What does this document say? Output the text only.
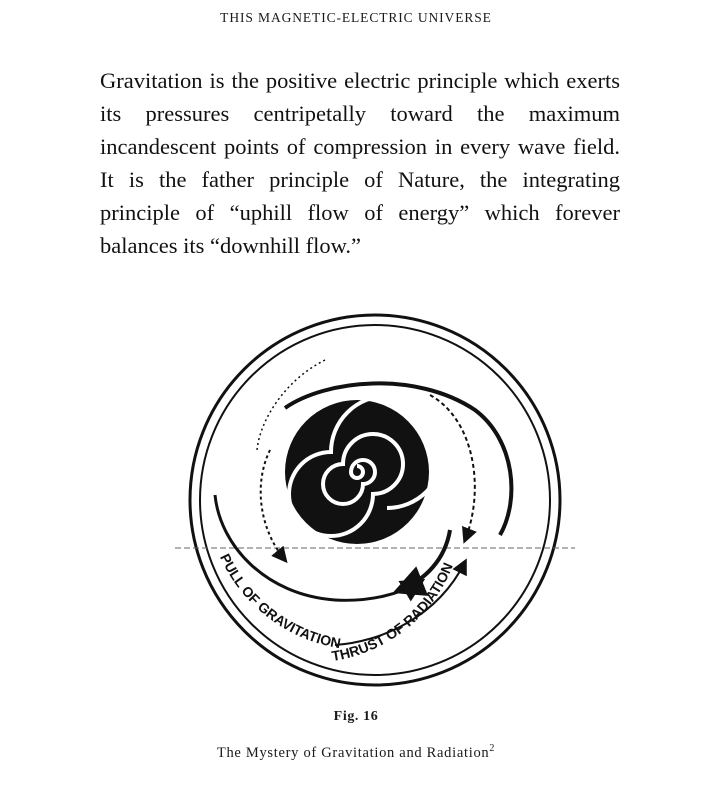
THIS MAGNETIC-ELECTRIC UNIVERSE

Gravitation is the positive electric principle which exerts its pressures centripetally toward the maximum incandescent points of compression in every wave field. It is the father principle of Nature, the integrating principle of “uphill flow of energy” which forever balances its “downhill flow.”

PULL OF GRAVITATION
THRUST OF RADIATION
Fig. 16
The Mystery of Gravitation and Radiation$^2$
